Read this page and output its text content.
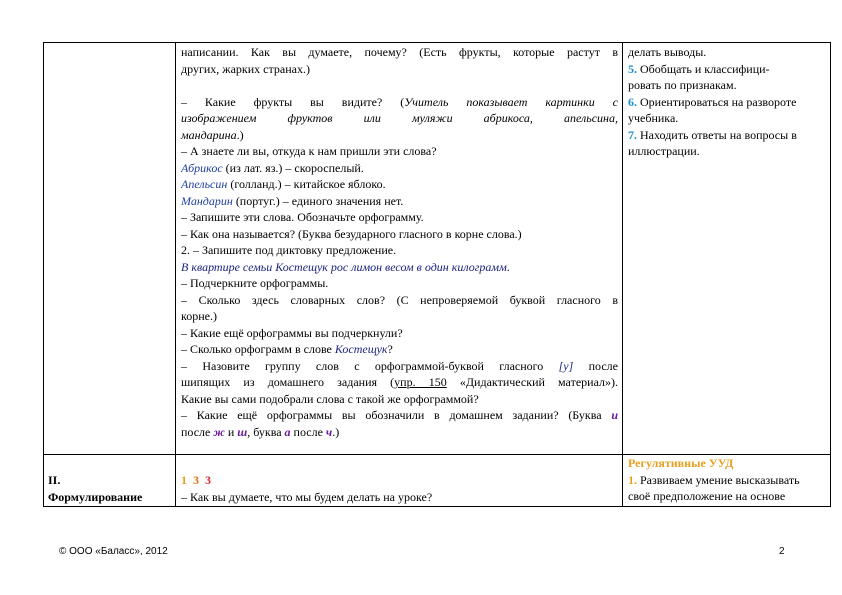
написании. Как вы думаете, почему? (Есть фрукты, которые растут в

других, жарких странах.)

– Какие фрукты вы видите? (Учитель показывает картинки с

изображением фруктов или муляжи абрикоса, апельсина,

мандарина.)

– А знаете ли вы, откуда к нам пришли эти слова?

Абрикос (из лат. яз.) – скороспелый.

Апельсин (голланд.) – китайское яблоко.

Мандарин (португ.) – единого значения нет.

– Запишите эти слова. Обозначьте орфограмму.

– Как она называется? (Буква безударного гласного в корне слова.)

2. – Запишите под диктовку предложение.

В квартире семьи Костещук рос лимон весом в один килограмм.

– Подчеркните орфограммы.

– Сколько здесь словарных слов? (С непроверяемой буквой гласного в

корне.)

– Какие ещё орфограммы вы подчеркнули?

– Сколько орфограмм в слове Костещук?

– Назовите группу слов с орфограммой-буквой гласного [у] после

шипящих из домашнего задания (упр. 150 «Дидактический материал»).

Какие вы сами подобрали слова с такой же орфограммой?

– Какие ещё орфограммы вы обозначили в домашнем задании? (Буква и

после ж и ш, буква а после ч.)

делать выводы.

5. Обобщать и классифици-

ровать по признакам.

6. Ориентироваться на развороте

учебника.

7. Находить ответы на вопросы в

иллюстрации.

II.

Формулирование

1 3 3

– Как вы думаете, что мы будем делать на уроке?

Регулятивные УУД

1. Развиваем умение высказывать

своё предположение на основе

© ООО «Баласс», 2012	2
